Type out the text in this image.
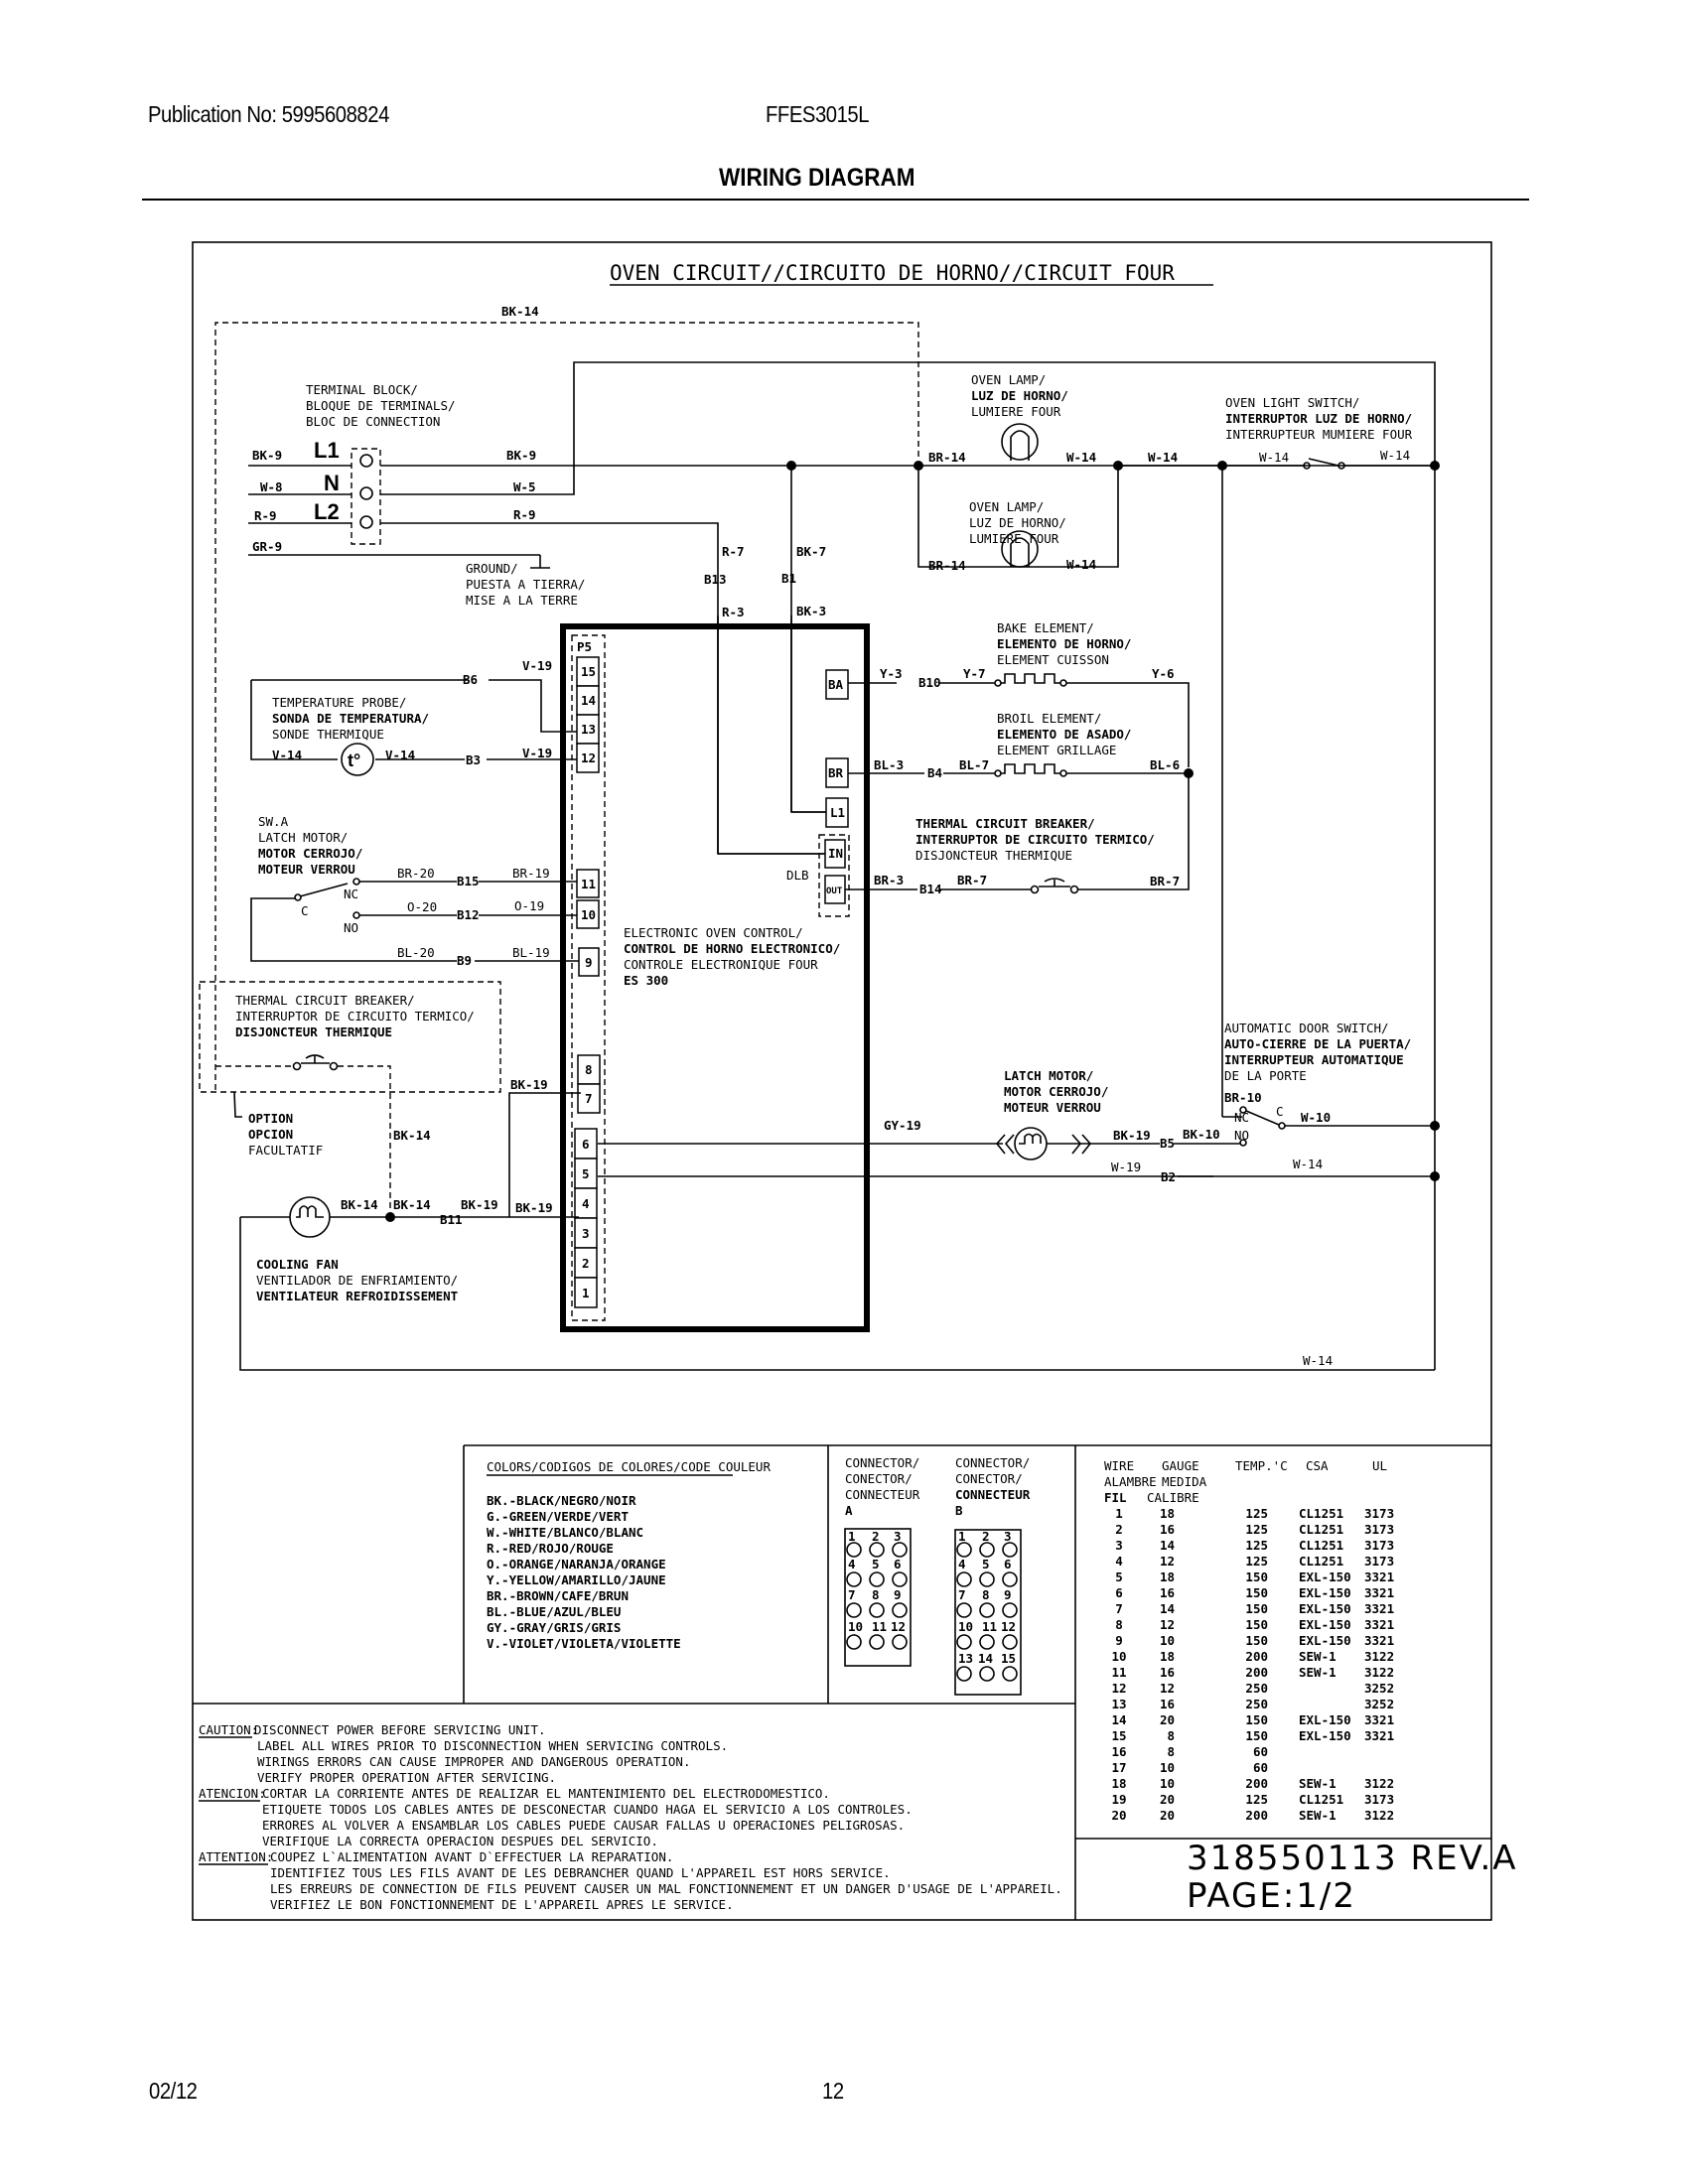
Publication No: 5995608824	FFES3015L
WIRING DIAGRAM
02/12	12
OVEN CIRCUIT//CIRCUITO DE HORNO//CIRCUIT FOUR
BK-14
TERMINAL BLOCK/
BLOQUE DE TERMINALS/
BLOC DE CONNECTION
L1
N
L2
BK-9
W-8
R-9
GR-9
BK-9
W-5
R-9
GROUND/
PUESTA A TIERRA/
MISE A LA TERRE
R-7	BK-7
B13	B1
R-3	BK-3
OVEN LAMP/
LUZ DE HORNO/
LUMIERE FOUR
BR-14	W-14	W-14
OVEN LAMP/
LUZ DE HORNO/
LUMIERE FOUR
BR-14	W-14
OVEN LIGHT SWITCH/
INTERRUPTOR LUZ DE HORNO/
INTERRUPTEUR MUMIERE FOUR
W-14	W-14
P5
15
14
13
12
11
10
9
8
7
6
5
4
3
2
1
BA
BR
L1
IN
OUT
DLB
ELECTRONIC OVEN CONTROL/
CONTROL DE HORNO ELECTRONICO/
CONTROLE ELECTRONIQUE FOUR
ES 300
BAKE ELEMENT/
ELEMENTO DE HORNO/
ELEMENT CUISSON
Y-3
B10
Y-7	Y-6
BROIL ELEMENT/
ELEMENTO DE ASADO/
ELEMENT GRILLAGE
BL-3
B4
BL-7	BL-6
THERMAL CIRCUIT BREAKER/
INTERRUPTOR DE CIRCUITO TERMICO/
DISJONCTEUR THERMIQUE
BR-3
B14
BR-7	BR-7
B6
V-19
TEMPERATURE PROBE/
SONDA DE TEMPERATURA/
SONDE THERMIQUE
V-14	t° V-14	B3	V-19
SW.A
LATCH MOTOR/
MOTOR CERROJO/
MOTEUR VERROU	BR-20
B15
BR-19
NC
C
NO
O-20
B12
O-19
BL-20
B9
BL-19
THERMAL CIRCUIT BREAKER/
INTERRUPTOR DE CIRCUITO TERMICO/
DISJONCTEUR THERMIQUE
OPTION
OPCION
FACULTATIF
BK-14
BK-19
BK-14 BK-14 BK-19
B11
BK-19
COOLING FAN
VENTILADOR DE ENFRIAMIENTO/
VENTILATEUR REFROIDISSEMENT
GY-19
LATCH MOTOR/
MOTOR CERROJO/
MOTEUR VERROU
BK-19
B5
BK-10
AUTOMATIC DOOR SWITCH/
AUTO-CIERRE DE LA PUERTA/
INTERRUPTEUR AUTOMATIQUE
DE LA PORTE
BR-10
NC C W-10
NO
W-19
B2
W-14
W-14
COLORS/CODIGOS DE COLORES/CODE COULEUR
BK.-BLACK/NEGRO/NOIR
G.-GREEN/VERDE/VERT
W.-WHITE/BLANCO/BLANC
R.-RED/ROJO/ROUGE
O.-ORANGE/NARANJA/ORANGE
Y.-YELLOW/AMARILLO/JAUNE
BR.-BROWN/CAFE/BRUN
BL.-BLUE/AZUL/BLEU
GY.-GRAY/GRIS/GRIS
V.-VIOLET/VIOLETA/VIOLETTE
CONNECTOR/
CONECTOR/
CONNECTEUR
A
1 2 3
4 5 6
7 8 9
10 11 12
CONNECTOR/
CONECTOR/
CONNECTEUR
B
1 2 3
4 5 6
7 8 9
10 11 12
13 14 15
WIRE GAUGE	TEMP.'C CSA	UL
ALAMBRE MEDIDA
FIL CALIBRE
1	18	125 CL1251 3173
2	16	125 CL1251 3173
3	14	125 CL1251 3173
4	12	125 CL1251 3173
5	18	150 EXL-150 3321
6	16	150 EXL-150 3321
7	14	150 EXL-150 3321
8	12	150 EXL-150 3321
9	10	150 EXL-150 3321
10	18	200 SEW-1 3122
11	16	200 SEW-1 3122
12	12	250	3252
13	16	250	3252
14	20	150 EXL-150 3321
15	8	150 EXL-150 3321
16	8	60
17	10	60
18	10	200 SEW-1 3122
19	20	125 CL1251 3173
20	20	200 SEW-1 3122
CAUTION:
DISCONNECT POWER BEFORE SERVICING UNIT.
LABEL ALL WIRES PRIOR TO DISCONNECTION WHEN SERVICING CONTROLS.
WIRINGS ERRORS CAN CAUSE IMPROPER AND DANGEROUS OPERATION.
VERIFY PROPER OPERATION AFTER SERVICING.
ATENCION:
CORTAR LA CORRIENTE ANTES DE REALIZAR EL MANTENIMIENTO DEL ELECTRODOMESTICO.
ETIQUETE TODOS LOS CABLES ANTES DE DESCONECTAR CUANDO HAGA EL SERVICIO A LOS CONTROLES.
ERRORES AL VOLVER A ENSAMBLAR LOS CABLES PUEDE CAUSAR FALLAS U OPERACIONES PELIGROSAS.
VERIFIQUE LA CORRECTA OPERACION DESPUES DEL SERVICIO.
ATTENTION:
COUPEZ L`ALIMENTATION AVANT D`EFFECTUER LA REPARATION.
IDENTIFIEZ TOUS LES FILS AVANT DE LES DEBRANCHER QUAND L'APPAREIL EST HORS SERVICE.
LES ERREURS DE CONNECTION DE FILS PEUVENT CAUSER UN MAL FONCTIONNEMENT ET UN DANGER D'USAGE DE L'APPAREIL.
VERIFIEZ LE BON FONCTIONNEMENT DE L'APPAREIL APRES LE SERVICE.
318550113 REV.A
PAGE:1/2
